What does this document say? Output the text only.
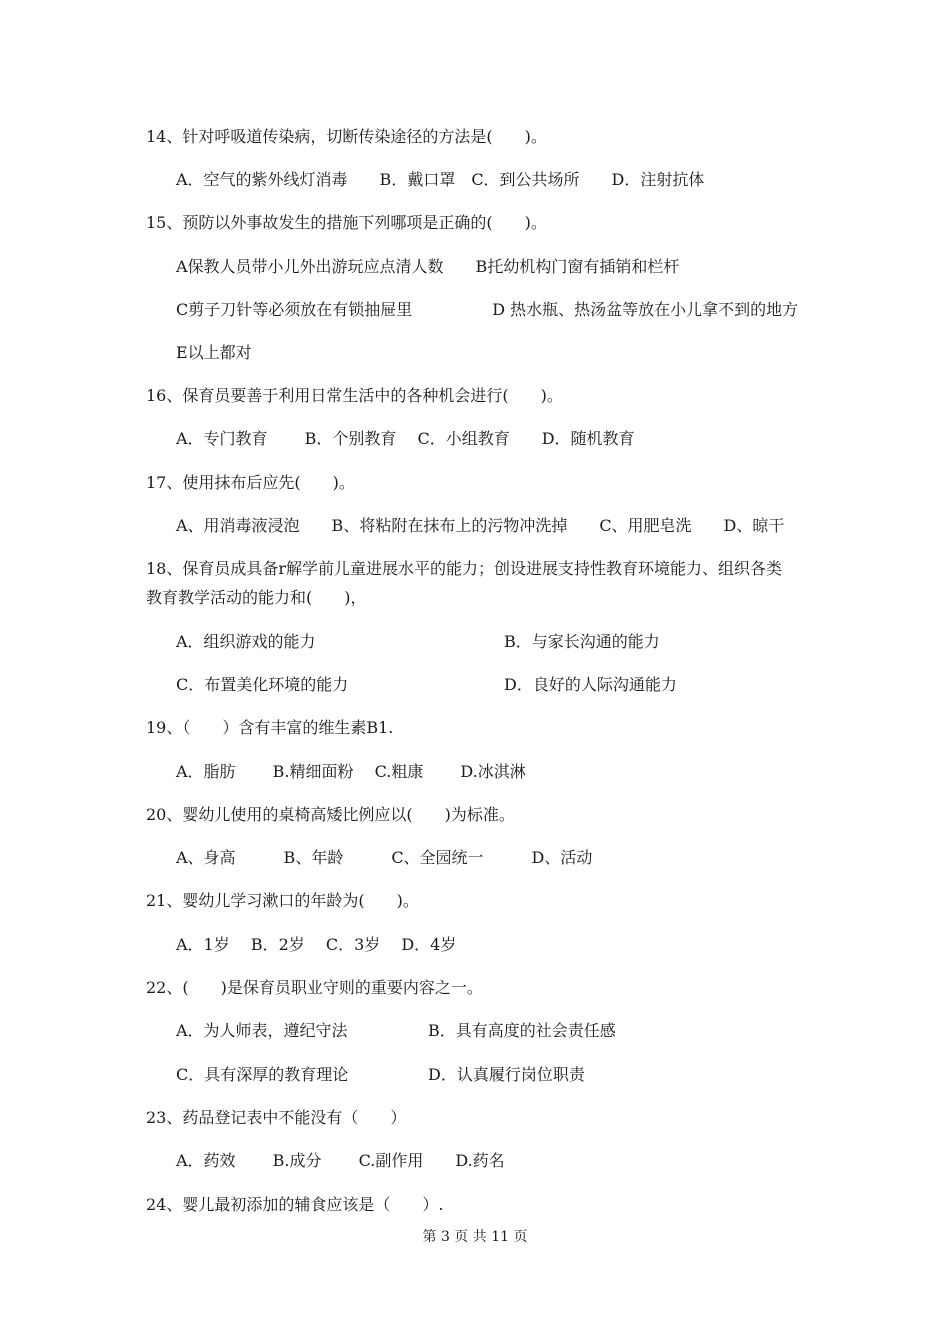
14、针对呼吸道传染病，切断传染途径的方法是(　　)。
A．空气的紫外线灯消毒　　B．戴口罩　C．到公共场所　　D．注射抗体
15、预防以外事故发生的措施下列哪项是正确的(　　)。
A保教人员带小儿外出游玩应点清人数　　B托幼机构门窗有插销和栏杆
C剪子刀针等必须放在有锁抽屉里　　　　　D 热水瓶、热汤盆等放在小儿拿不到的地方
E以上都对
16、保育员要善于利用日常生活中的各种机会进行(　　)。
A．专门教育　　 B．个别教育　 C．小组教育　　D．随机教育
17、使用抹布后应先(　　)。
A、用消毒液浸泡　　B、将粘附在抹布上的污物冲洗掉　　C、用肥皂洗　　D、晾干
18、保育员成具备r解学前儿童进展水平的能力；创设进展支持性教育环境能力、组织各类
教育教学活动的能力和(　　)，
A．组织游戏的能力	B．与家长沟通的能力
C．布置美化环境的能力	D．良好的人际沟通能力
19、（　　）含有丰富的维生素B1.
A．脂肪　　 B.精细面粉　 C.粗康　　 D.冰淇淋
20、婴幼儿使用的桌椅高矮比例应以(　　)为标准。
A、身高　　　B、年龄　　　C、全园统一　　　D、活动
21、婴幼儿学习漱口的年龄为(　　)。
A．1岁　 B．2岁　 C．3岁　 D．4岁
22、(　　)是保育员职业守则的重要内容之一。
A．为人师表，遵纪守法	B．具有高度的社会责任感
C．具有深厚的教育理论	D．认真履行岗位职责
23、药品登记表中不能没有（　　）
A．药效　　 B.成分　　 C.副作用　　D.药名
24、婴儿最初添加的辅食应该是（　　）.
第 3 页 共 11 页
